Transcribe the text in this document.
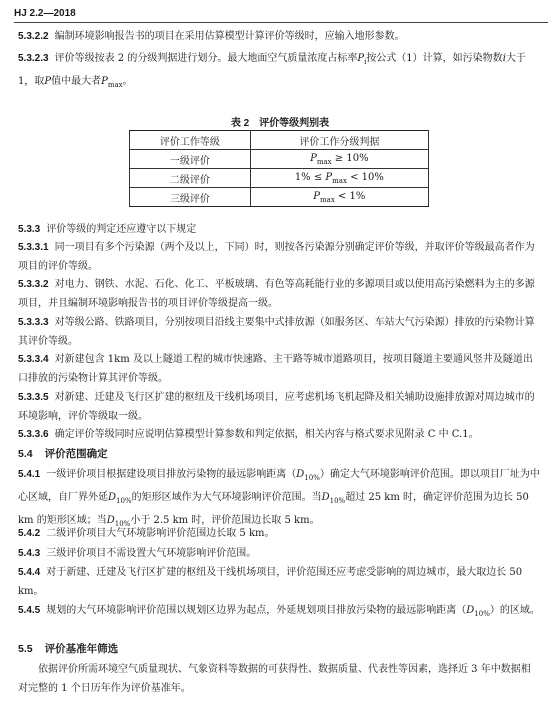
HJ 2.2—2018
5.3.2.2 编制环境影响报告书的项目在采用估算模型计算评价等级时，应输入地形参数。
5.3.2.3 评价等级按表 2 的分级判据进行划分。最大地面空气质量浓度占标率$P_i$按公式（1）计算，如污染物数i大于 1，取P值中最大者$P_{max}$。
表 2　评价等级判别表
评价工作等级	评价工作分级判据
一级评价	$P_{max} \ge 10\%$
二级评价	$1\% \le P_{max} < 10\%$
三级评价	$P_{max} < 1\%$
5.3.3 评价等级的判定还应遵守以下规定
5.3.3.1 同一项目有多个污染源（两个及以上，下同）时，则按各污染源分别确定评价等级，并取评价等级最高者作为项目的评价等级。
5.3.3.2 对电力、钢铁、水泥、石化、化工、平板玻璃、有色等高耗能行业的多源项目或以使用高污染燃料为主的多源项目，并且编制环境影响报告书的项目评价等级提高一级。
5.3.3.3 对等级公路、铁路项目，分别按项目沿线主要集中式排放源（如服务区、车站大气污染源）排放的污染物计算其评价等级。
5.3.3.4 对新建包含 1km 及以上隧道工程的城市快速路、主干路等城市道路项目，按项目隧道主要通风竖井及隧道出口排放的污染物计算其评价等级。
5.3.3.5 对新建、迁建及飞行区扩建的枢纽及干线机场项目，应考虑机场飞机起降及相关辅助设施排放源对周边城市的环境影响，评价等级取一级。
5.3.3.6 确定评价等级同时应说明估算模型计算参数和判定依据，相关内容与格式要求见附录 C 中 C.1。
5.4 评价范围确定
5.4.1 一级评价项目根据建设项目排放污染物的最远影响距离$(D_{10\%})$确定大气环境影响评价范围。即以项目厂址为中心区域，自厂界外延$D_{10\%}$的矩形区域作为大气环境影响评价范围。当$D_{10\%}$超过 25 km 时，确定评价范围为边长 50 km 的矩形区域；当$D_{10\%}$小于 2.5 km 时，评价范围边长取 5 km。
5.4.2 二级评价项目大气环境影响评价范围边长取 5 km。
5.4.3 三级评价项目不需设置大气环境影响评价范围。
5.4.4 对于新建、迁建及飞行区扩建的枢纽及干线机场项目，评价范围还应考虑受影响的周边城市，最大取边长 50 km。
5.4.5 规划的大气环境影响评价范围以规划区边界为起点，外延规划项目排放污染物的最远影响距离$(D_{10\%})$的区域。
5.5 评价基准年筛选
依据评价所需环境空气质量现状、气象资料等数据的可获得性、数据质量、代表性等因素，选择近 3 年中数据相对完整的 1 个日历年作为评价基准年。
